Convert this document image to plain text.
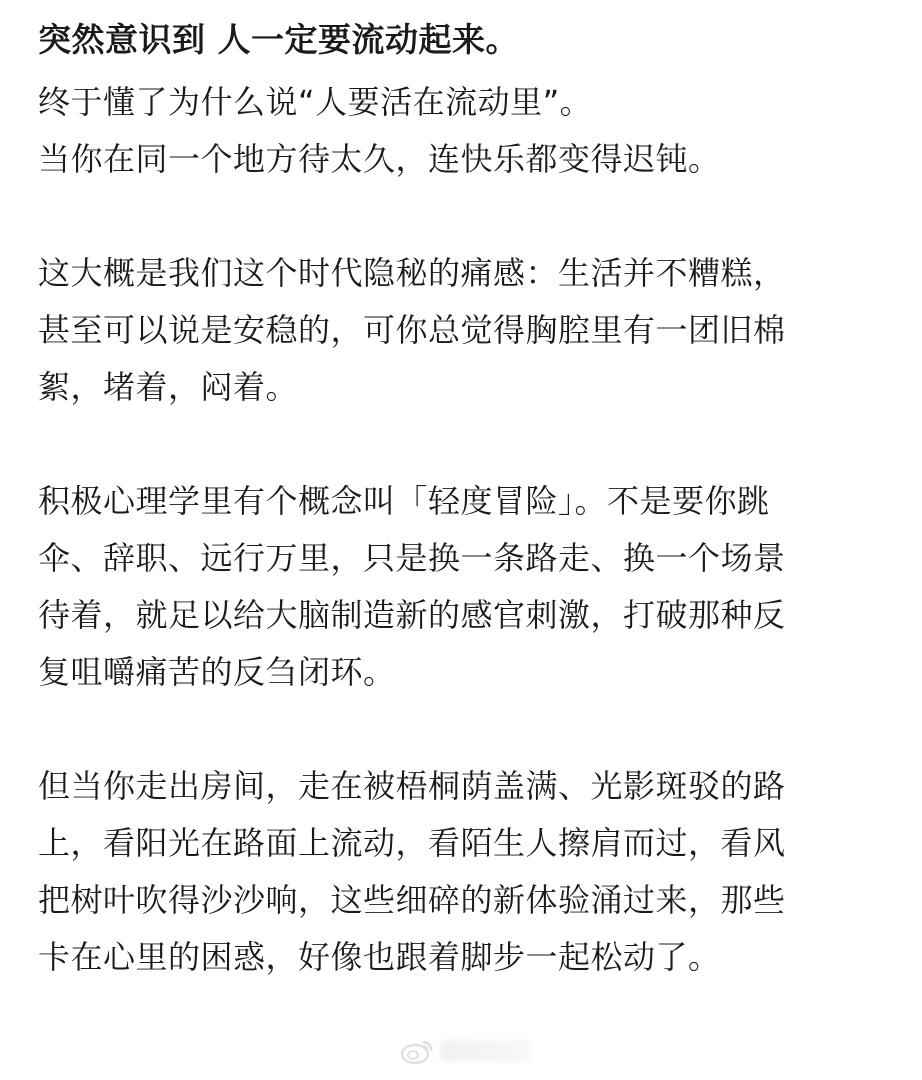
突然意识到 人一定要流动起来。
终于懂了为什么说“人要活在流动里”。
当你在同一个地方待太久，连快乐都变得迟钝。
这大概是我们这个时代隐秘的痛感：生活并不糟糕，
甚至可以说是安稳的，可你总觉得胸腔里有一团旧棉
絮，堵着，闷着。
积极心理学里有个概念叫「轻度冒险」。不是要你跳
伞、辞职、远行万里，只是换一条路走、换一个场景
待着，就足以给大脑制造新的感官刺激，打破那种反
复咀嚼痛苦的反刍闭环。
但当你走出房间，走在被梧桐荫盖满、光影斑驳的路
上，看阳光在路面上流动，看陌生人擦肩而过，看风
把树叶吹得沙沙响，这些细碎的新体验涌过来，那些
卡在心里的困惑，好像也跟着脚步一起松动了。
